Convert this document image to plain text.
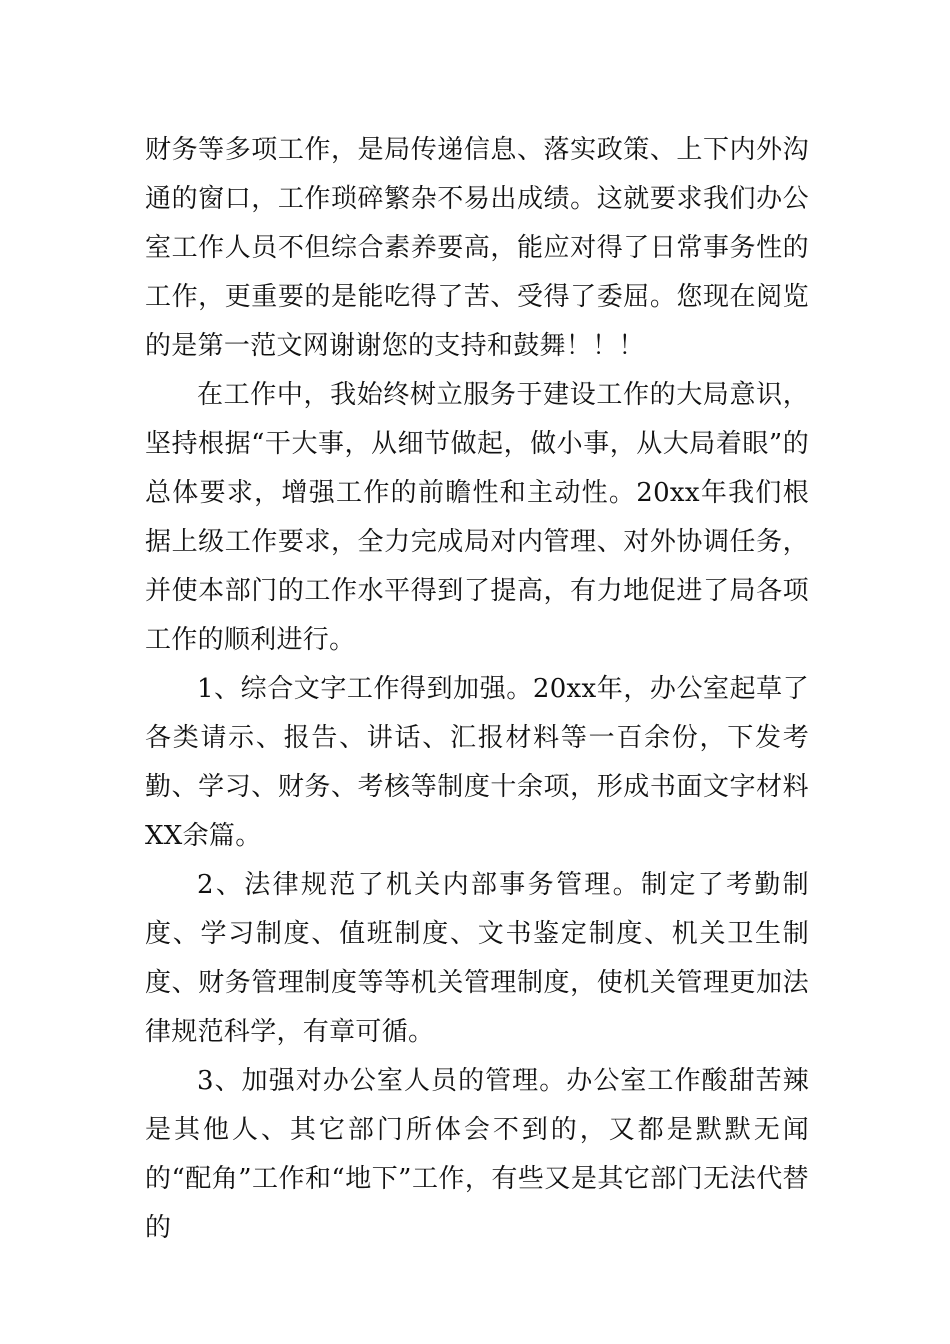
财务等多项工作，是局传递信息、落实政策、上下内外沟通的窗口，工作琐碎繁杂不易出成绩。这就要求我们办公室工作人员不但综合素养要高，能应对得了日常事务性的工作，更重要的是能吃得了苦、受得了委屈。您现在阅览的是第一范文网谢谢您的支持和鼓舞！！！

在工作中，我始终树立服务于建设工作的大局意识，坚持根据“干大事，从细节做起，做小事，从大局着眼”的总体要求，增强工作的前瞻性和主动性。20xx年我们根据上级工作要求，全力完成局对内管理、对外协调任务，并使本部门的工作水平得到了提高，有力地促进了局各项工作的顺利进行。

1、综合文字工作得到加强。20xx年，办公室起草了各类请示、报告、讲话、汇报材料等一百余份，下发考勤、学习、财务、考核等制度十余项，形成书面文字材料XX余篇。

2、法律规范了机关内部事务管理。制定了考勤制度、学习制度、值班制度、文书鉴定制度、机关卫生制度、财务管理制度等等机关管理制度，使机关管理更加法律规范科学，有章可循。

3、加强对办公室人员的管理。办公室工作酸甜苦辣是其他人、其它部门所体会不到的，又都是默默无闻的“配角”工作和“地下”工作，有些又是其它部门无法代替的
